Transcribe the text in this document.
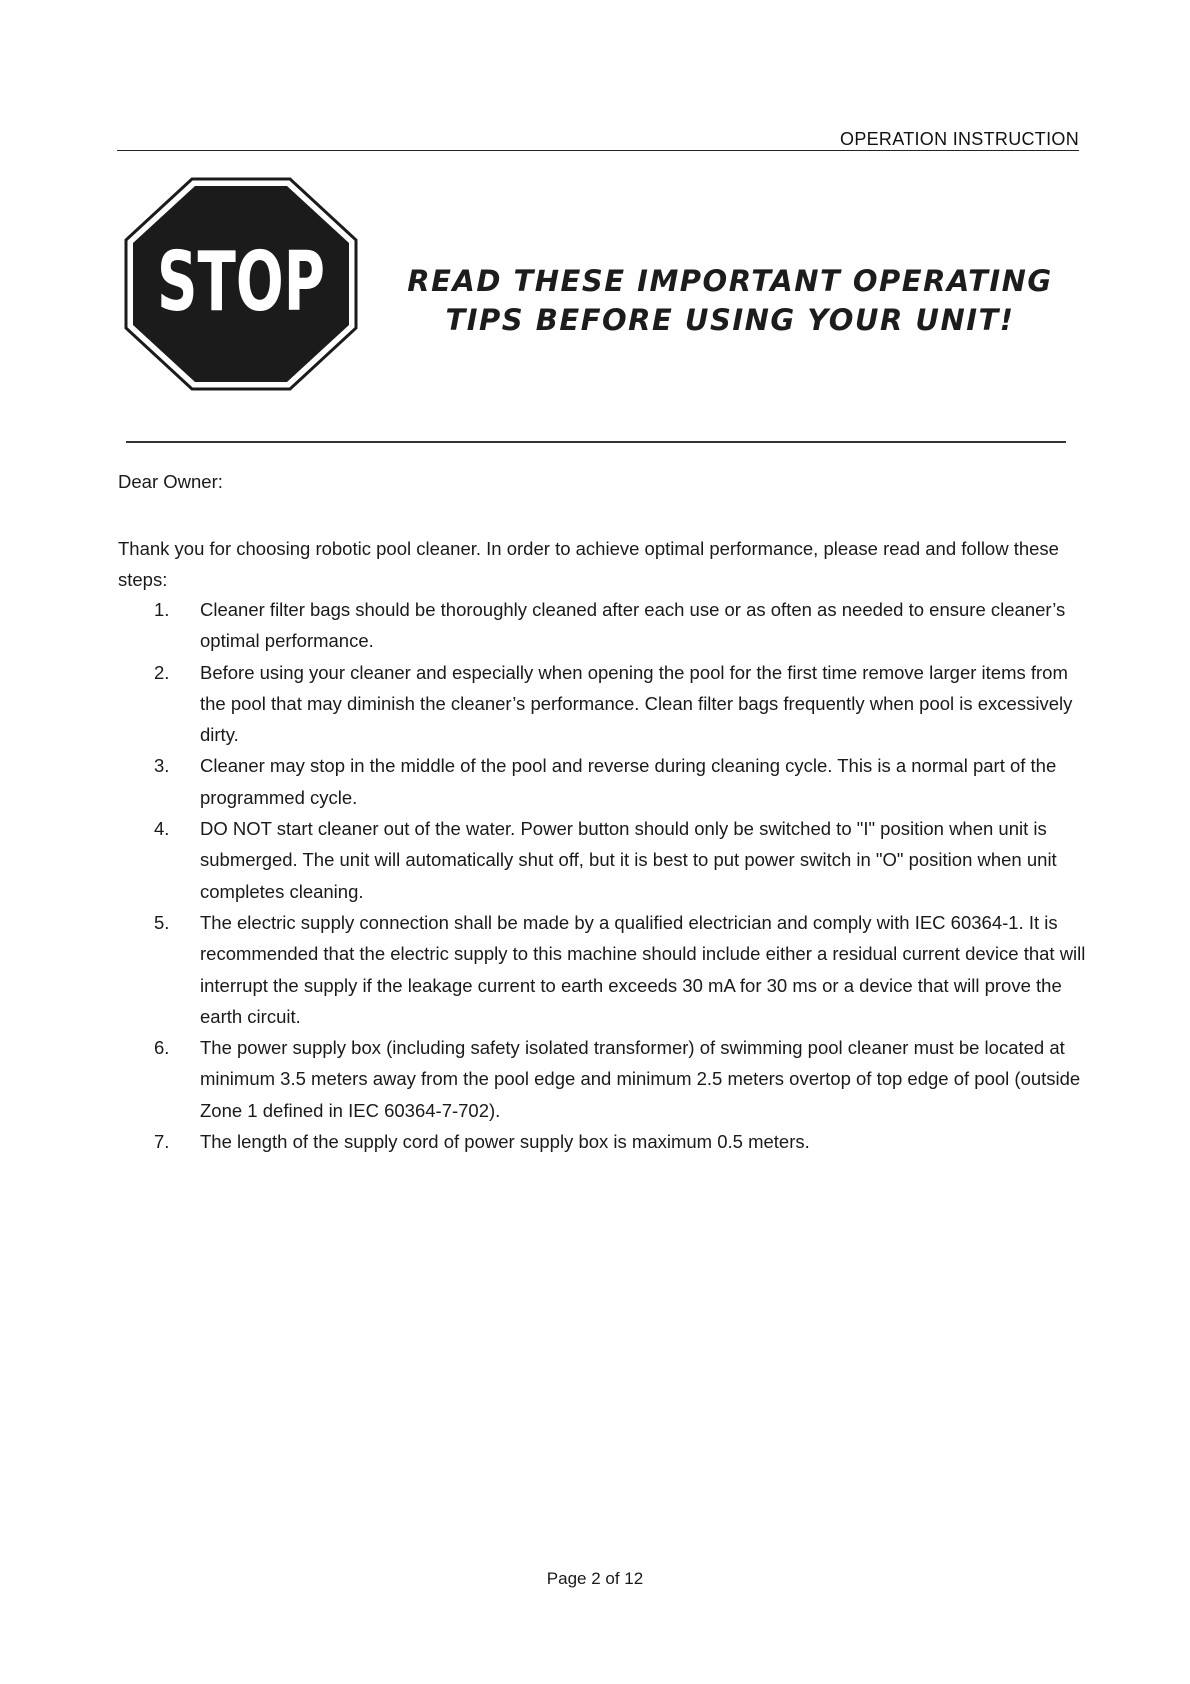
OPERATION INSTRUCTION
STOP	READ THESE IMPORTANT OPERATING
TIPS BEFORE USING YOUR UNIT!
Dear Owner:
Thank you for choosing robotic pool cleaner. In order to achieve optimal performance, please read and follow these steps:
1. Cleaner filter bags should be thoroughly cleaned after each use or as often as needed to ensure cleaner’s optimal performance.
2. Before using your cleaner and especially when opening the pool for the first time remove larger items from the pool that may diminish the cleaner’s performance. Clean filter bags frequently when pool is excessively dirty.
3. Cleaner may stop in the middle of the pool and reverse during cleaning cycle. This is a normal part of the programmed cycle.
4. DO NOT start cleaner out of the water. Power button should only be switched to "I" position when unit is submerged. The unit will automatically shut off, but it is best to put power switch in "O" position when unit completes cleaning.
5. The electric supply connection shall be made by a qualified electrician and comply with IEC 60364-1. It is recommended that the electric supply to this machine should include either a residual current device that will interrupt the supply if the leakage current to earth exceeds 30 mA for 30 ms or a device that will prove the earth circuit.
6. The power supply box (including safety isolated transformer) of swimming pool cleaner must be located at minimum 3.5 meters away from the pool edge and minimum 2.5 meters overtop of top edge of pool (outside Zone 1 defined in IEC 60364-7-702).
7. The length of the supply cord of power supply box is maximum 0.5 meters.
Page 2 of 12
